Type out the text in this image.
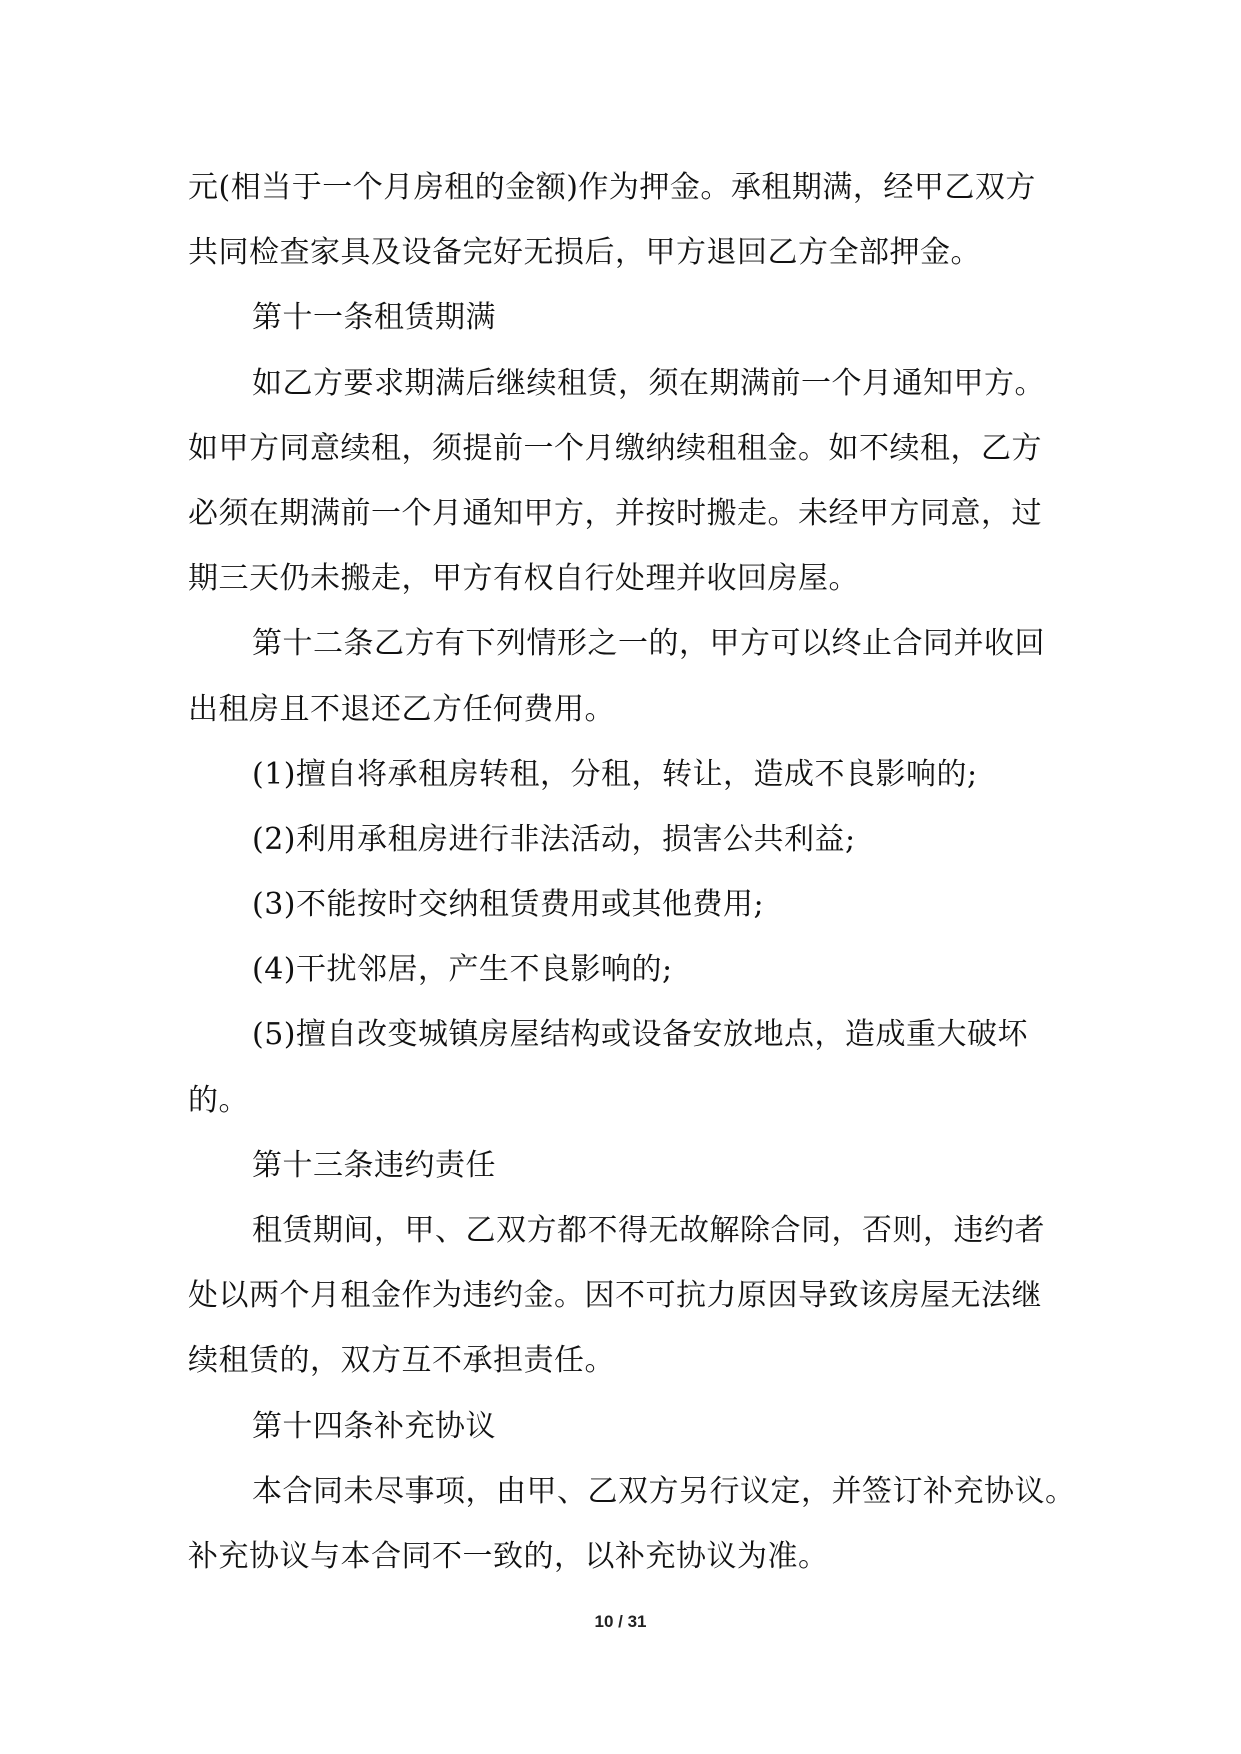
元(相当于一个月房租的金额)作为押金。承租期满，经甲乙双方
共同检查家具及设备完好无损后，甲方退回乙方全部押金。
第十一条租赁期满
如乙方要求期满后继续租赁，须在期满前一个月通知甲方。
如甲方同意续租，须提前一个月缴纳续租租金。如不续租，乙方
必须在期满前一个月通知甲方，并按时搬走。未经甲方同意，过
期三天仍未搬走，甲方有权自行处理并收回房屋。
第十二条乙方有下列情形之一的，甲方可以终止合同并收回
出租房且不退还乙方任何费用。
(1)擅自将承租房转租，分租，转让，造成不良影响的;
(2)利用承租房进行非法活动，损害公共利益;
(3)不能按时交纳租赁费用或其他费用;
(4)干扰邻居，产生不良影响的;
(5)擅自改变城镇房屋结构或设备安放地点，造成重大破坏
的。
第十三条违约责任
租赁期间，甲、乙双方都不得无故解除合同，否则，违约者
处以两个月租金作为违约金。因不可抗力原因导致该房屋无法继
续租赁的，双方互不承担责任。
第十四条补充协议
本合同未尽事项，由甲、乙双方另行议定，并签订补充协议。
补充协议与本合同不一致的，以补充协议为准。
10 / 31
